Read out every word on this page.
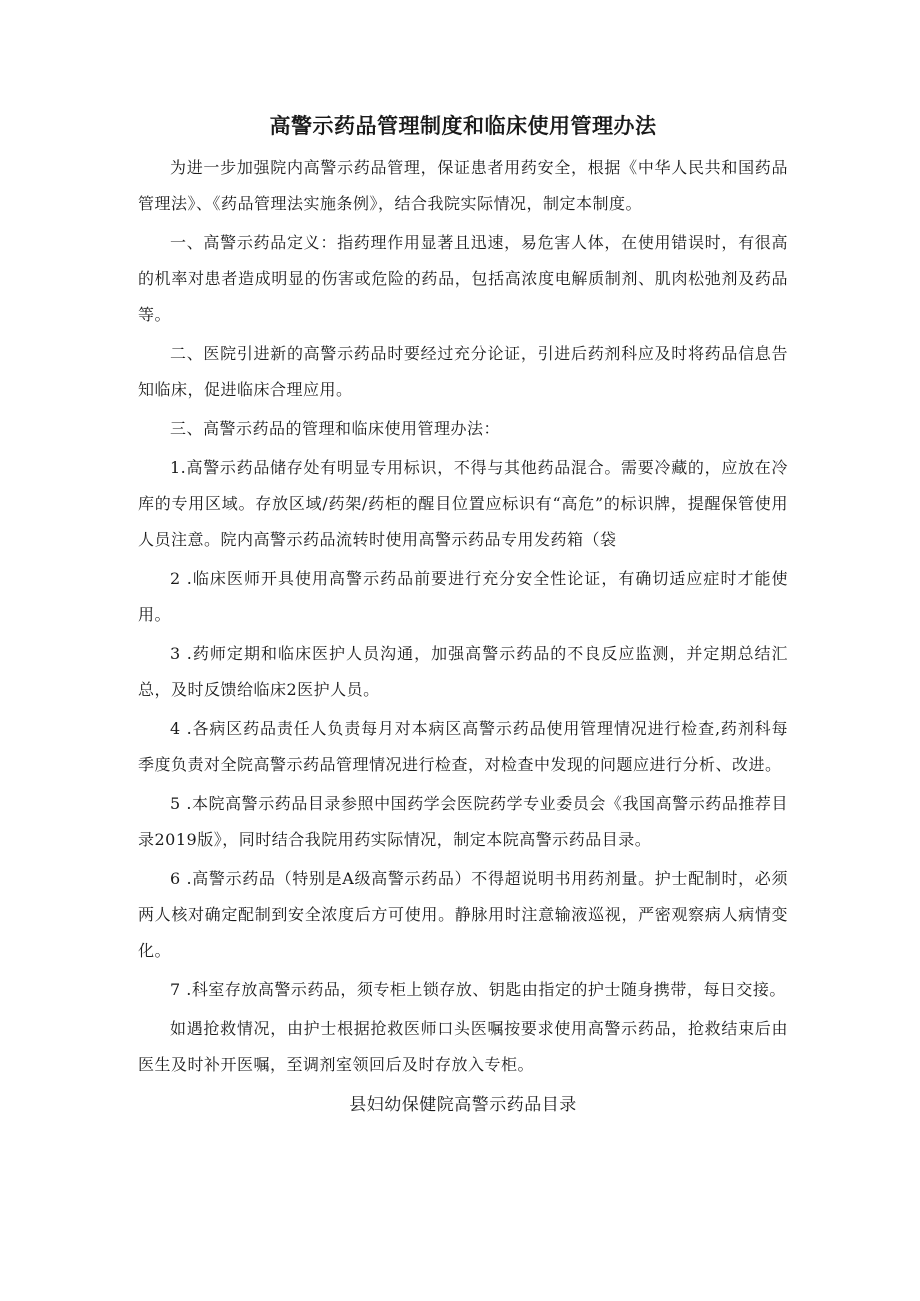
高警示药品管理制度和临床使用管理办法

为进一步加强院内高警示药品管理，保证患者用药安全，根据《中华人民共和国药品管理法》、《药品管理法实施条例》，结合我院实际情况，制定本制度。

一、高警示药品定义：指药理作用显著且迅速，易危害人体，在使用错误时，有很高的机率对患者造成明显的伤害或危险的药品，包括高浓度电解质制剂、肌肉松弛剂及药品等。

二、医院引进新的高警示药品时要经过充分论证，引进后药剂科应及时将药品信息告知临床，促进临床合理应用。

三、高警示药品的管理和临床使用管理办法：

1.高警示药品储存处有明显专用标识，不得与其他药品混合。需要冷藏的，应放在冷库的专用区域。存放区域/药架/药柜的醒目位置应标识有“高危”的标识牌，提醒保管使用人员注意。院内高警示药品流转时使用高警示药品专用发药箱（袋

2 .临床医师开具使用高警示药品前要进行充分安全性论证，有确切适应症时才能使用。

3 .药师定期和临床医护人员沟通，加强高警示药品的不良反应监测，并定期总结汇总，及时反馈给临床2医护人员。

4 .各病区药品责任人负责每月对本病区高警示药品使用管理情况进行检查,药剂科每季度负责对全院高警示药品管理情况进行检查，对检查中发现的问题应进行分析、改进。

5 .本院高警示药品目录参照中国药学会医院药学专业委员会《我国高警示药品推荐目录2019版》，同时结合我院用药实际情况，制定本院高警示药品目录。

6 .高警示药品（特别是A级高警示药品）不得超说明书用药剂量。护士配制时，必须两人核对确定配制到安全浓度后方可使用。静脉用时注意输液巡视，严密观察病人病情变化。

7 .科室存放高警示药品，须专柜上锁存放、钥匙由指定的护士随身携带，每日交接。

如遇抢救情况，由护士根据抢救医师口头医嘱按要求使用高警示药品，抢救结束后由医生及时补开医嘱，至调剂室领回后及时存放入专柜。

县妇幼保健院高警示药品目录
